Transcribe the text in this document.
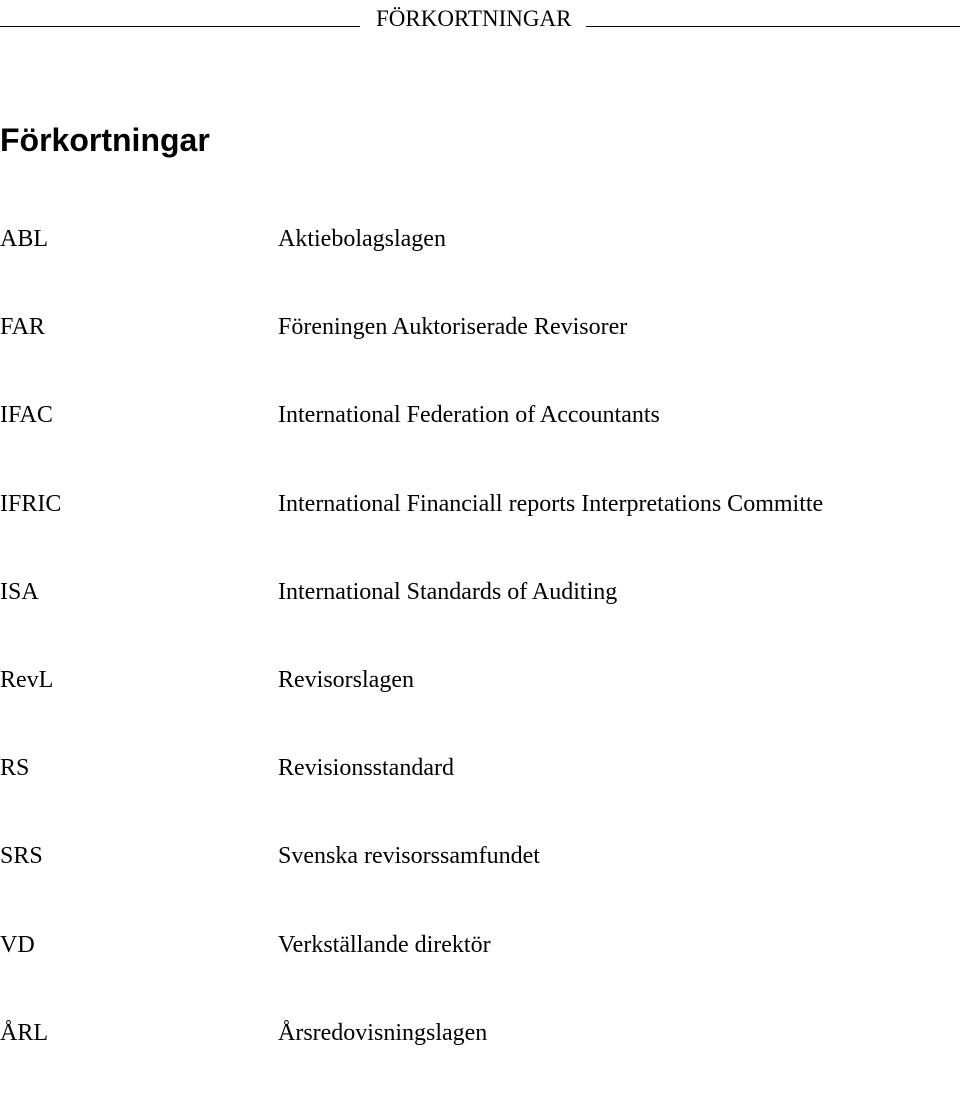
FÖRKORTNINGAR
Förkortningar
ABL	Aktiebolagslagen
FAR	Föreningen Auktoriserade Revisorer
IFAC	International Federation of Accountants
IFRIC	International Financiall reports Interpretations Committe
ISA	International Standards of Auditing
RevL	Revisorslagen
RS	Revisionsstandard
SRS	Svenska revisorssamfundet
VD	Verkställande direktör
ÅRL	Årsredovisningslagen
